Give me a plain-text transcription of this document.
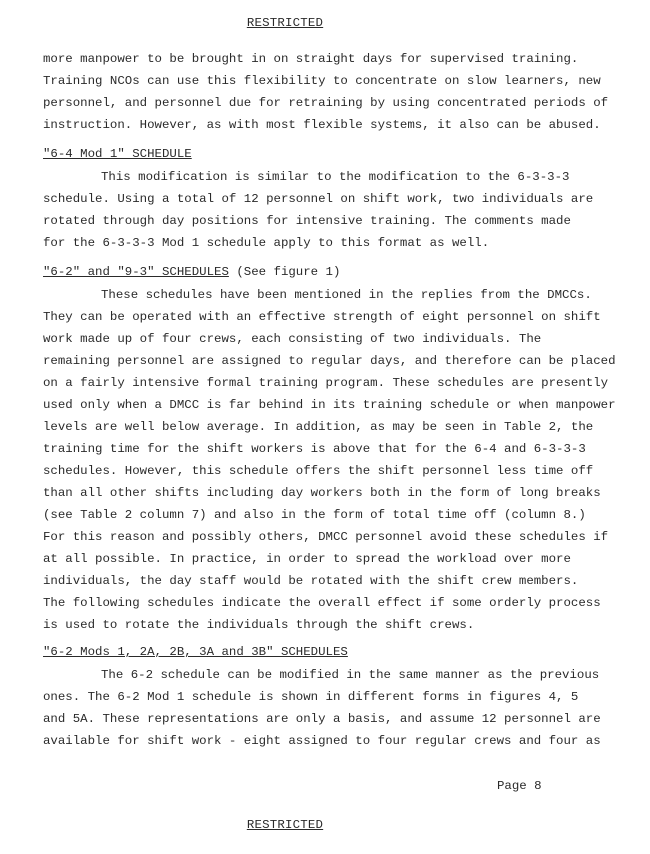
RESTRICTED
more manpower to be brought in on straight days for supervised training.
Training NCOs can use this flexibility to concentrate on slow learners, new
personnel, and personnel due for retraining by using concentrated periods of
instruction. However, as with most flexible systems, it also can be abused.
"6-4 Mod 1" SCHEDULE
This modification is similar to the modification to the 6-3-3-3
schedule. Using a total of 12 personnel on shift work, two individuals are
rotated through day positions for intensive training. The comments made
for the 6-3-3-3 Mod 1 schedule apply to this format as well.
"6-2" and "9-3" SCHEDULES (See figure 1)
These schedules have been mentioned in the replies from the DMCCs.
They can be operated with an effective strength of eight personnel on shift
work made up of four crews, each consisting of two individuals. The
remaining personnel are assigned to regular days, and therefore can be placed
on a fairly intensive formal training program. These schedules are presently
used only when a DMCC is far behind in its training schedule or when manpower
levels are well below average. In addition, as may be seen in Table 2, the
training time for the shift workers is above that for the 6-4 and 6-3-3-3
schedules. However, this schedule offers the shift personnel less time off
than all other shifts including day workers both in the form of long breaks
(see Table 2 column 7) and also in the form of total time off (column 8.)
For this reason and possibly others, DMCC personnel avoid these schedules if
at all possible. In practice, in order to spread the workload over more
individuals, the day staff would be rotated with the shift crew members.
The following schedules indicate the overall effect if some orderly process
is used to rotate the individuals through the shift crews.
"6-2 Mods 1, 2A, 2B, 3A and 3B" SCHEDULES
The 6-2 schedule can be modified in the same manner as the previous
ones. The 6-2 Mod 1 schedule is shown in different forms in figures 4, 5
and 5A. These representations are only a basis, and assume 12 personnel are
available for shift work - eight assigned to four regular crews and four as
Page 8
RESTRICTED
